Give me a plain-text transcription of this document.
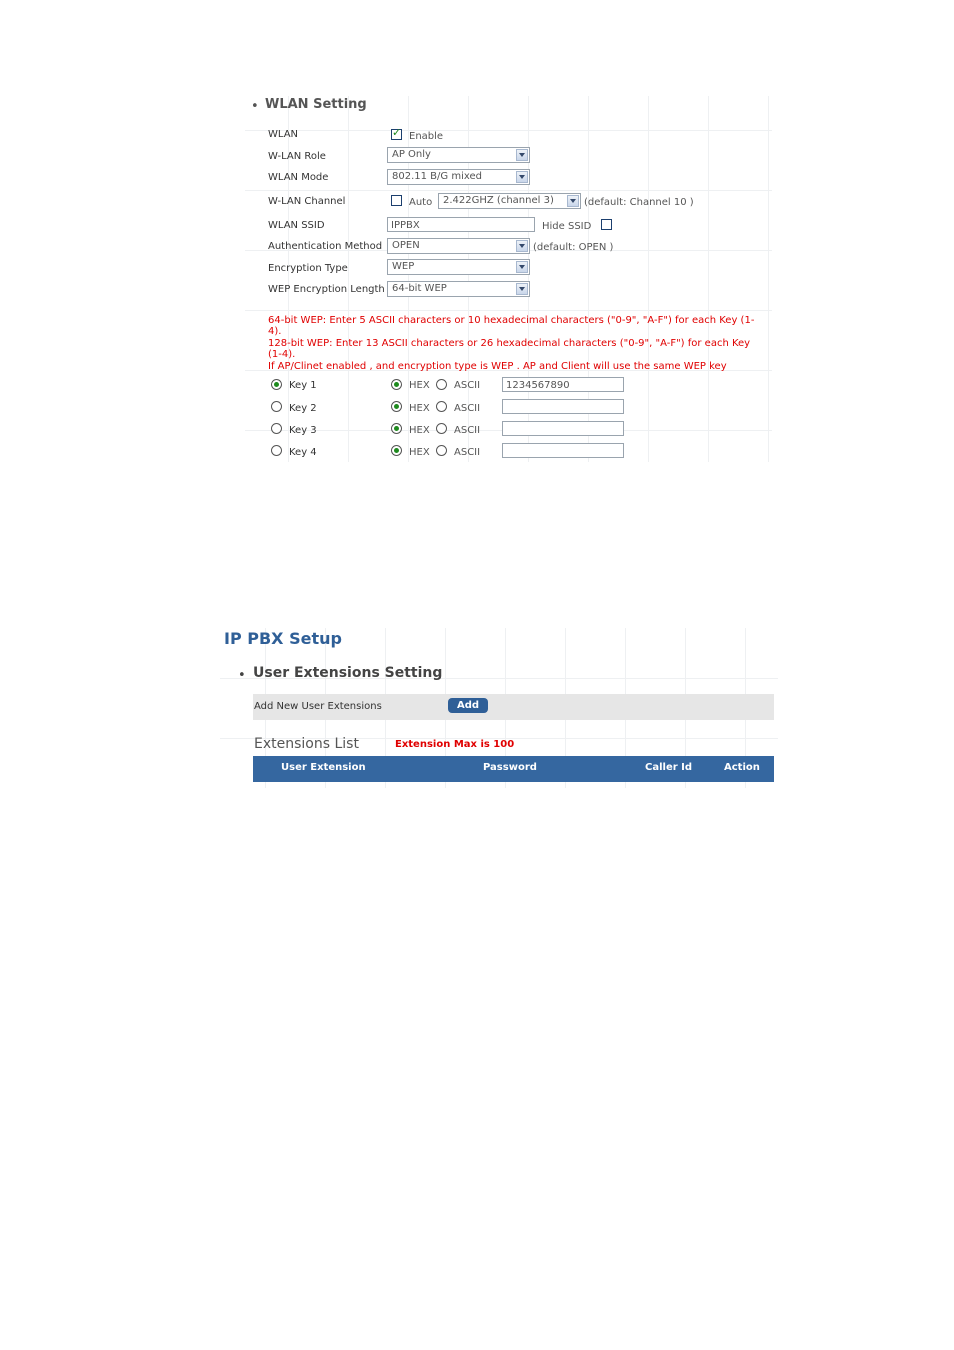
• WLAN Setting
WLAN
✓	Enable
W-LAN Role	AP Only
WLAN Mode	802.11 B/G mixed
W-LAN Channel	Auto	2.422GHZ (channel 3)	(default: Channel 10 )
WLAN SSID	IPPBX	Hide SSID
Authentication Method OPEN	(default: OPEN )
Encryption Type	WEP
WEP Encryption Length 64-bit WEP
64-bit WEP: Enter 5 ASCII characters or 10 hexadecimal characters ("0-9", "A-F") for each Key (1-
4).
128-bit WEP: Enter 13 ASCII characters or 26 hexadecimal characters ("0-9", "A-F") for each Key
(1-4).
If AP/Clinet enabled , and encryption type is WEP . AP and Client will use the same WEP key
Key 1	HEX ASCII	1234567890
Key 2	HEX ASCII
Key 3	HEX ASCII
Key 4	HEX ASCII
IP PBX Setup
• User Extensions Setting
Add New User Extensions	Add
Extensions List	Extension Max is 100
User Extension	Password	Caller Id	Action
